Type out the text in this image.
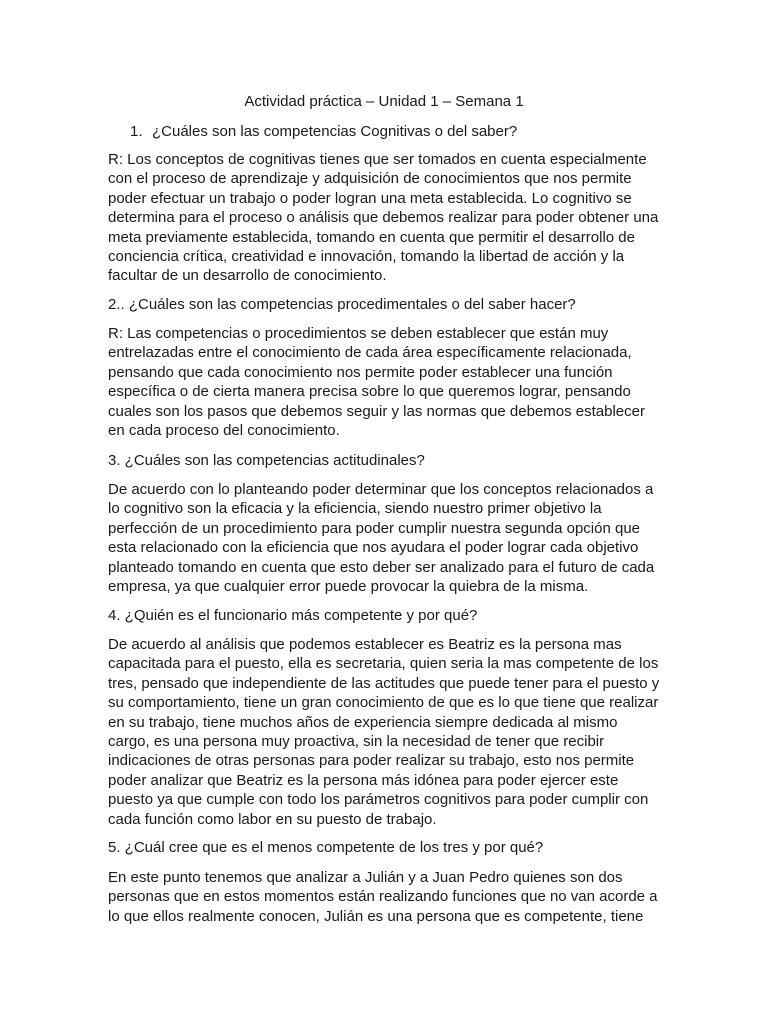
Actividad práctica – Unidad 1 – Semana 1

1. ¿Cuáles son las competencias Cognitivas o del saber?

R: Los conceptos de cognitivas tienes que ser tomados en cuenta especialmente
con el proceso de aprendizaje y adquisición de conocimientos que nos permite
poder efectuar un trabajo o poder logran una meta establecida. Lo cognitivo se
determina para el proceso o análisis que debemos realizar para poder obtener una
meta previamente establecida, tomando en cuenta que permitir el desarrollo de
conciencia crítica, creatividad e innovación, tomando la libertad de acción y la
facultar de un desarrollo de conocimiento.

2.. ¿Cuáles son las competencias procedimentales o del saber hacer?

R: Las competencias o procedimientos se deben establecer que están muy
entrelazadas entre el conocimiento de cada área específicamente relacionada,
pensando que cada conocimiento nos permite poder establecer una función
específica o de cierta manera precisa sobre lo que queremos lograr, pensando
cuales son los pasos que debemos seguir y las normas que debemos establecer
en cada proceso del conocimiento.

3. ¿Cuáles son las competencias actitudinales?

De acuerdo con lo planteando poder determinar que los conceptos relacionados a
lo cognitivo son la eficacia y la eficiencia, siendo nuestro primer objetivo la
perfección de un procedimiento para poder cumplir nuestra segunda opción que
esta relacionado con la eficiencia que nos ayudara el poder lograr cada objetivo
planteado tomando en cuenta que esto deber ser analizado para el futuro de cada
empresa, ya que cualquier error puede provocar la quiebra de la misma.

4. ¿Quién es el funcionario más competente y por qué?

De acuerdo al análisis que podemos establecer es Beatriz es la persona mas
capacitada para el puesto, ella es secretaria, quien seria la mas competente de los
tres, pensado que independiente de las actitudes que puede tener para el puesto y
su comportamiento, tiene un gran conocimiento de que es lo que tiene que realizar
en su trabajo, tiene muchos años de experiencia siempre dedicada al mismo
cargo, es una persona muy proactiva, sin la necesidad de tener que recibir
indicaciones de otras personas para poder realizar su trabajo, esto nos permite
poder analizar que Beatriz es la persona más idónea para poder ejercer este
puesto ya que cumple con todo los parámetros cognitivos para poder cumplir con
cada función como labor en su puesto de trabajo.

5. ¿Cuál cree que es el menos competente de los tres y por qué?

En este punto tenemos que analizar a Julián y a Juan Pedro quienes son dos
personas que en estos momentos están realizando funciones que no van acorde a
lo que ellos realmente conocen, Julián es una persona que es competente, tiene
